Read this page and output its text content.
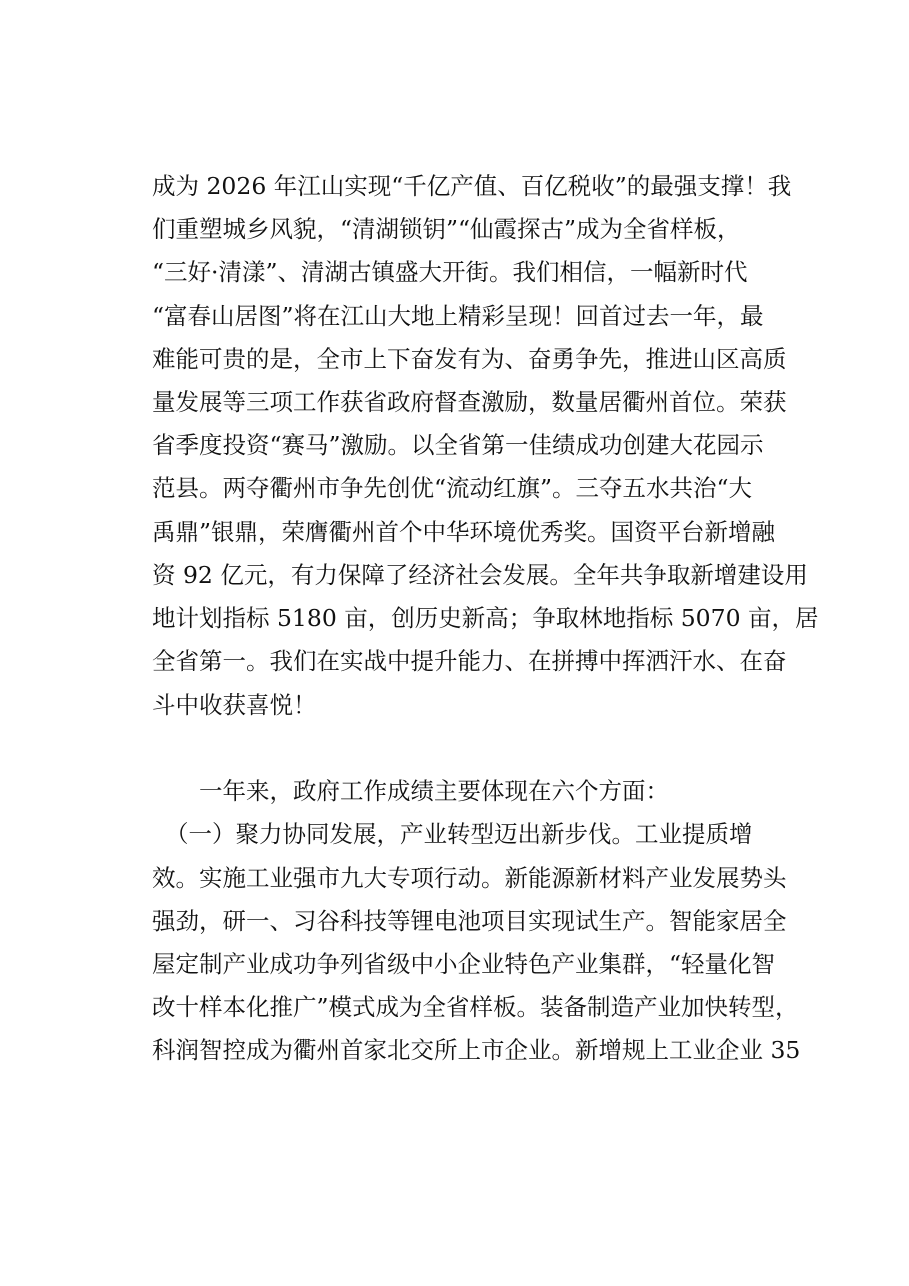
成为 2026 年江山实现“千亿产值、百亿税收”的最强支撑！我
们重塑城乡风貌，“清湖锁钥”“仙霞探古”成为全省样板，
“三好·清漾”、清湖古镇盛大开街。我们相信，一幅新时代
“富春山居图”将在江山大地上精彩呈现！回首过去一年，最
难能可贵的是，全市上下奋发有为、奋勇争先，推进山区高质
量发展等三项工作获省政府督查激励，数量居衢州首位。荣获
省季度投资“赛马”激励。以全省第一佳绩成功创建大花园示
范县。两夺衢州市争先创优“流动红旗”。三夺五水共治“大
禹鼎”银鼎，荣膺衢州首个中华环境优秀奖。国资平台新增融
资 92 亿元，有力保障了经济社会发展。全年共争取新增建设用
地计划指标 5180 亩，创历史新高；争取林地指标 5070 亩，居
全省第一。我们在实战中提升能力、在拼搏中挥洒汗水、在奋
斗中收获喜悦！
一年来，政府工作成绩主要体现在六个方面：
（一）聚力协同发展，产业转型迈出新步伐。工业提质增
效。实施工业强市九大专项行动。新能源新材料产业发展势头
强劲，研一、习谷科技等锂电池项目实现试生产。智能家居全
屋定制产业成功争列省级中小企业特色产业集群，“轻量化智
改十样本化推广”模式成为全省样板。装备制造产业加快转型，
科润智控成为衢州首家北交所上市企业。新增规上工业企业 35
